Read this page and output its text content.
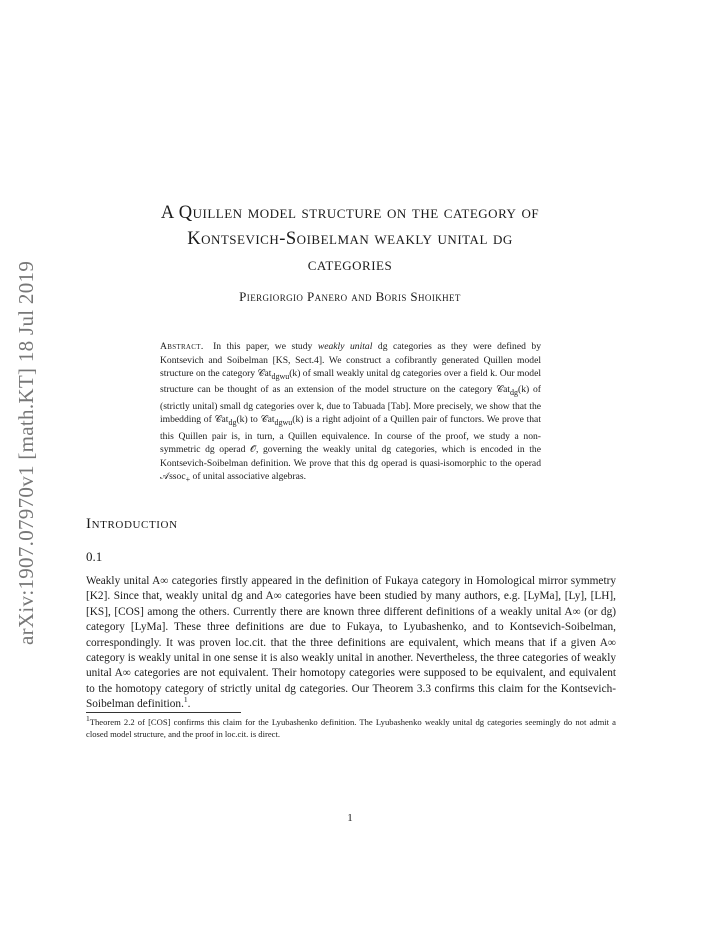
arXiv:1907.07970v1 [math.KT] 18 Jul 2019
A Quillen model structure on the category of
Kontsevich-Soibelman weakly unital dg
categories
Piergiorgio Panero and Boris Shoikhet
Abstract. In this paper, we study weakly unital dg categories as they were defined by Kontsevich and Soibelman [KS, Sect.4]. We construct a cofibrantly generated Quillen model structure on the category 𝒞at$_{dgwu}$(k) of small weakly unital dg categories over a field k. Our model structure can be thought of as an extension of the model structure on the category 𝒞at$_{dg}$(k) of (strictly unital) small dg categories over k, due to Tabuada [Tab]. More precisely, we show that the imbedding of 𝒞at$_{dg}$(k) to 𝒞at$_{dgwu}$(k) is a right adjoint of a Quillen pair of functors. We prove that this Quillen pair is, in turn, a Quillen equivalence. In course of the proof, we study a non-symmetric dg operad 𝒪, governing the weakly unital dg categories, which is encoded in the Kontsevich-Soibelman definition. We prove that this dg operad is quasi-isomorphic to the operad 𝒜ssoc$_+$ of unital associative algebras.
Introduction
0.1
Weakly unital A∞ categories firstly appeared in the definition of Fukaya category in Homological mirror symmetry [K2]. Since that, weakly unital dg and A∞ categories have been studied by many authors, e.g. [LyMa], [Ly], [LH], [KS], [COS] among the others. Currently there are known three different definitions of a weakly unital A∞ (or dg) category [LyMa]. These three definitions are due to Fukaya, to Lyubashenko, and to Kontsevich-Soibelman, correspondingly. It was proven loc.cit. that the three definitions are equivalent, which means that if a given A∞ category is weakly unital in one sense it is also weakly unital in another. Nevertheless, the three categories of weakly unital A∞ categories are not equivalent. Their homotopy categories were supposed to be equivalent, and equivalent to the homotopy category of strictly unital dg categories. Our Theorem 3.3 confirms this claim for the Kontsevich-Soibelman definition.$^1$.
$^1$Theorem 2.2 of [COS] confirms this claim for the Lyubashenko definition. The Lyubashenko weakly unital dg categories seemingly do not admit a closed model structure, and the proof in loc.cit. is direct.
1
